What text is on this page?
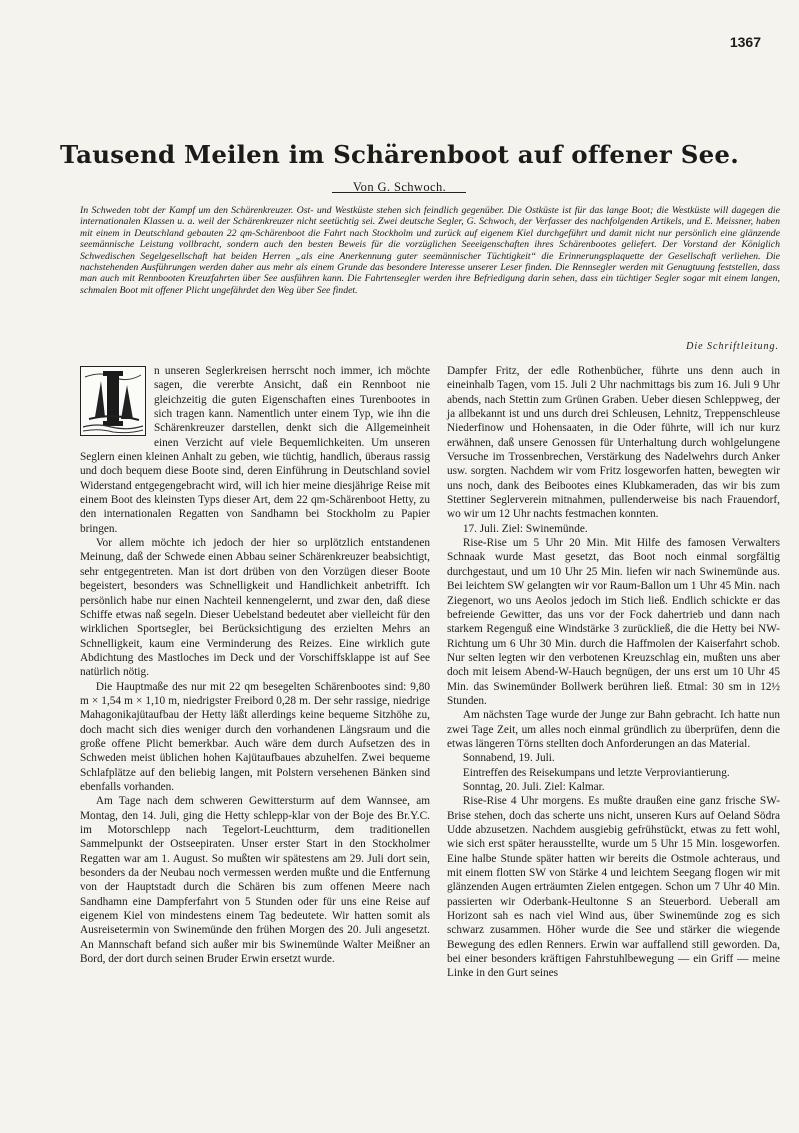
1367
Tausend Meilen im Schärenboot auf offener See.
Von G. Schwoch.

In Schweden tobt der Kampf um den Schärenkreuzer. Ost- und Westküste stehen sich feindlich gegenüber. Die Ostküste ist für das lange Boot; die Westküste will dagegen die internationalen Klassen u. a. weil der Schärenkreuzer nicht seetüchtig sei. Zwei deutsche Segler, G. Schwoch, der Verfasser des nachfolgenden Artikels, und E. Meissner, haben mit einem in Deutschland gebauten 22 qm-Schärenboot die Fahrt nach Stockholm und zurück auf eigenem Kiel durchgeführt und damit nicht nur persönlich eine glänzende seemännische Leistung vollbracht, sondern auch den besten Beweis für die vorzüglichen Seeeigenschaften ihres Schärenbootes geliefert. Der Vorstand der Königlich Schwedischen Segelgesellschaft hat beiden Herren „als eine Anerkennung guter seemännischer Tüchtigkeit“ die Erinnerungsplaquette der Gesellschaft verliehen. Die nachstehenden Ausführungen werden daher aus mehr als einem Grunde das besondere Interesse unserer Leser finden. Die Rennsegler werden mit Genugtuung feststellen, dass man auch mit Rennbooten Kreuzfahrten über See ausführen kann. Die Fahrtensegler werden ihre Befriedigung darin sehen, dass ein tüchtiger Segler sogar mit einem langen, schmalen Boot mit offener Plicht ungefährdet den Weg über See findet.

Die Schriftleitung.

n unseren Seglerkreisen herrscht noch immer, ich möchte sagen, die vererbte Ansicht, daß ein Rennboot nie gleichzeitig die guten Eigenschaften eines Turenbootes in sich tragen kann. Namentlich unter einem Typ, wie ihn die Schärenkreuzer darstellen, denkt sich die Allgemeinheit einen Verzicht auf viele Bequemlichkeiten. Um unseren Seglern einen kleinen Anhalt zu geben, wie tüchtig, handlich, überaus rassig und doch bequem diese Boote sind, deren Einführung in Deutschland soviel Widerstand entgegengebracht wird, will ich hier meine diesjährige Reise mit einem Boot des kleinsten Typs dieser Art, dem 22 qm-Schärenboot Hetty, zu den internationalen Regatten von Sandhamn bei Stockholm zu Papier bringen.

Vor allem möchte ich jedoch der hier so urplötzlich entstandenen Meinung, daß der Schwede einen Abbau seiner Schärenkreuzer beabsichtigt, sehr entgegentreten. Man ist dort drüben von den Vorzügen dieser Boote begeistert, besonders was Schnelligkeit und Handlichkeit anbetrifft. Ich persönlich habe nur einen Nachteil kennengelernt, und zwar den, daß diese Schiffe etwas naß segeln. Dieser Uebelstand bedeutet aber vielleicht für den wirklichen Sportsegler, bei Berücksichtigung des erzielten Mehrs an Schnelligkeit, kaum eine Verminderung des Reizes. Eine wirklich gute Abdichtung des Mastloches im Deck und der Vorschiffsklappe ist auf See natürlich nötig.

Die Hauptmaße des nur mit 22 qm besegelten Schärenbootes sind: 9,80 m × 1,54 m × 1,10 m, niedrigster Freibord 0,28 m. Der sehr rassige, niedrige Mahagonikajütaufbau der Hetty läßt allerdings keine bequeme Sitzhöhe zu, doch macht sich dies weniger durch den vorhandenen Längsraum und die große offene Plicht bemerkbar. Auch wäre dem durch Aufsetzen des in Schweden meist üblichen hohen Kajütaufbaues abzuhelfen. Zwei bequeme Schlafplätze auf den beliebig langen, mit Polstern versehenen Bänken sind ebenfalls vorhanden.

Am Tage nach dem schweren Gewittersturm auf dem Wannsee, am Montag, den 14. Juli, ging die Hetty schlepp-klar von der Boje des Br.Y.C. im Motorschlepp nach Tegelort-Leuchtturm, dem traditionellen Sammelpunkt der Ostseepiraten. Unser erster Start in den Stockholmer Regatten war am 1. August. So mußten wir spätestens am 29. Juli dort sein, besonders da der Neubau noch vermessen werden mußte und die Entfernung von der Hauptstadt durch die Schären bis zum offenen Meere nach Sandhamn eine Dampferfahrt von 5 Stunden oder für uns eine Reise auf eigenem Kiel von mindestens einem Tag bedeutete. Wir hatten somit als Ausreisetermin von Swinemünde den frühen Morgen des 20. Juli angesetzt. An Mannschaft befand sich außer mir bis Swinemünde Walter Meißner an Bord, der dort durch seinen Bruder Erwin ersetzt wurde.

Dampfer Fritz, der edle Rothenbücher, führte uns denn auch in eineinhalb Tagen, vom 15. Juli 2 Uhr nachmittags bis zum 16. Juli 9 Uhr abends, nach Stettin zum Grünen Graben. Ueber diesen Schleppweg, der ja allbekannt ist und uns durch drei Schleusen, Lehnitz, Treppenschleuse Niederfinow und Hohensaaten, in die Oder führte, will ich nur kurz erwähnen, daß unsere Genossen für Unterhaltung durch wohlgelungene Versuche im Trossenbrechen, Verstärkung des Nadelwehrs durch Anker usw. sorgten. Nachdem wir vom Fritz losgeworfen hatten, bewegten wir uns noch, dank des Beibootes eines Klubkameraden, das wir bis zum Stettiner Seglerverein mitnahmen, pullenderweise bis nach Frauendorf, wo wir um 12 Uhr nachts festmachen konnten.

17. Juli. Ziel: Swinemünde.

Rise-Rise um 5 Uhr 20 Min. Mit Hilfe des famosen Verwalters Schnaak wurde Mast gesetzt, das Boot noch einmal sorgfältig durchgestaut, und um 10 Uhr 25 Min. liefen wir nach Swinemünde aus. Bei leichtem SW gelangten wir vor Raum-Ballon um 1 Uhr 45 Min. nach Ziegenort, wo uns Aeolos jedoch im Stich ließ. Endlich schickte er das befreiende Gewitter, das uns vor der Fock dahertrieb und dann nach starkem Regenguß eine Windstärke 3 zurückließ, die die Hetty bei NW-Richtung um 6 Uhr 30 Min. durch die Haffmolen der Kaiserfahrt schob. Nur selten legten wir den verbotenen Kreuzschlag ein, mußten uns aber doch mit leisem Abend-W-Hauch begnügen, der uns erst um 10 Uhr 45 Min. das Swinemünder Bollwerk berühren ließ. Etmal: 30 sm in 12½ Stunden.

Am nächsten Tage wurde der Junge zur Bahn gebracht. Ich hatte nun zwei Tage Zeit, um alles noch einmal gründlich zu überprüfen, denn die etwas längeren Törns stellten doch Anforderungen an das Material.

Sonnabend, 19. Juli.

Eintreffen des Reisekumpans und letzte Verproviantierung.

Sonntag, 20. Juli. Ziel: Kalmar.

Rise-Rise 4 Uhr morgens. Es mußte draußen eine ganz frische SW-Brise stehen, doch das scherte uns nicht, unseren Kurs auf Oeland Södra Udde abzusetzen. Nachdem ausgiebig gefrühstückt, etwas zu fett wohl, wie sich erst später herausstellte, wurde um 5 Uhr 15 Min. losgeworfen. Eine halbe Stunde später hatten wir bereits die Ostmole achteraus, und mit einem flotten SW von Stärke 4 und leichtem Seegang flogen wir mit glänzenden Augen erträumten Zielen entgegen. Schon um 7 Uhr 40 Min. passierten wir Oderbank-Heultonne S an Steuerbord. Ueberall am Horizont sah es nach viel Wind aus, über Swinemünde zog es sich schwarz zusammen. Höher wurde die See und stärker die wiegende Bewegung des edlen Renners. Erwin war auffallend still geworden. Da, bei einer besonders kräftigen Fahrstuhlbewegung — ein Griff — meine Linke in den Gurt seines
